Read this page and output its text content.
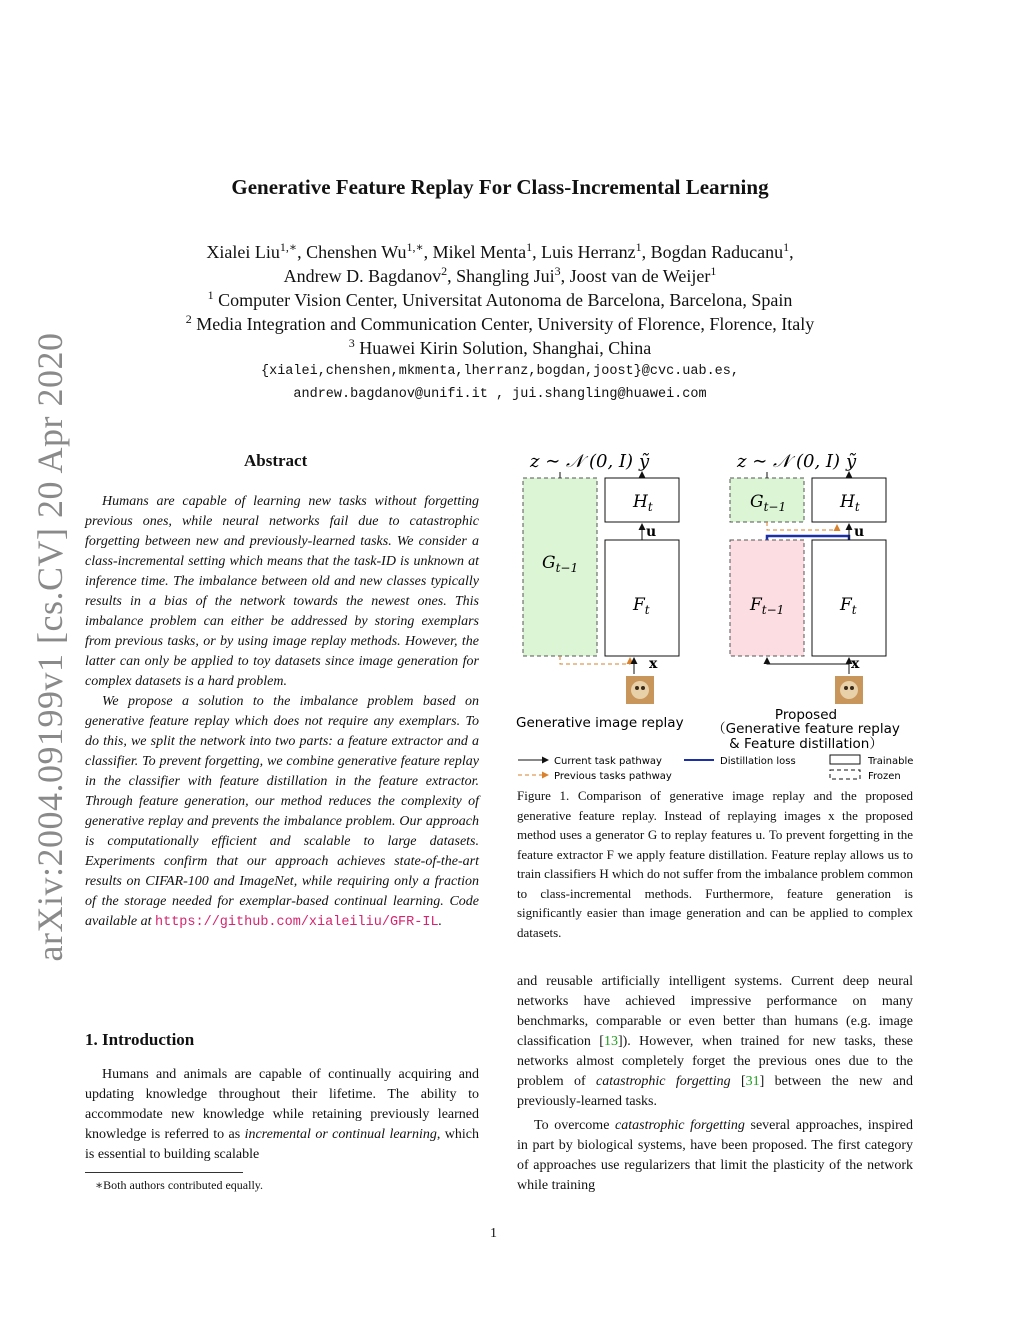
arXiv:2004.09199v1 [cs.CV] 20 Apr 2020
Generative Feature Replay For Class-Incremental Learning
Xialei Liu$^{1,∗}$, Chenshen $Wu^{1,∗}$, Mikel Menta$^1$, Luis Herranz$^1$, Bogdan Raducanu$^1$,
Andrew D. Bagdanov$^2$, Shangling Jui$^3$, Joost van de Weijer$^1$
$^1$ Computer Vision Center, Universitat Autonoma de Barcelona, Barcelona, Spain
$^2$ Media Integration and Communication Center, University of Florence, Florence, Italy
$^3$ Huawei Kirin Solution, Shanghai, China
{xialei,chenshen,mkmenta,lherranz,bogdan,joost}@cvc.uab.es,
andrew.bagdanov@unifi.it , jui.shangling@huawei.com
Abstract

Humans are capable of learning new tasks without forgetting previous ones, while neural networks fail due to catastrophic forgetting between new and previously-learned tasks. We consider a class-incremental setting which means that the task-ID is unknown at inference time. The imbalance between old and new classes typically results in a bias of the network towards the newest ones. This imbalance problem can either be addressed by storing exemplars from previous tasks, or by using image replay methods. However, the latter can only be applied to toy datasets since image generation for complex datasets is a hard problem.

We propose a solution to the imbalance problem based on generative feature replay which does not require any exemplars. To do this, we split the network into two parts: a feature extractor and a classifier. To prevent forgetting, we combine generative feature replay in the classifier with feature distillation in the feature extractor. Through feature generation, our method reduces the complexity of generative replay and prevents the imbalance problem. Our approach is computationally efficient and scalable to large datasets. Experiments confirm that our approach achieves state-of-the-art results on CIFAR-100 and ImageNet, while requiring only a fraction of the storage needed for exemplar-based continual learning. Code available at https://github.com/xialeiliu/GFR-IL.

1. Introduction

Humans and animals are capable of continually acquiring and updating knowledge throughout their lifetime. The ability to accommodate new knowledge while retaining previously learned knowledge is referred to as incremental or continual learning, which is essential to building scalable

∗Both authors contributed equally.
z ∼ 𝒩 (0, I) ỹ
$G_{t-1}$
$H_t$
u
$F_t$
x
Generative image replay
z ∼ 𝒩 (0, I) ỹ
$G_{t-1}$	$H_t$
u
$F_{t-1}$	$F_t$
x
Proposed
（Generative feature replay
& Feature distillation）
Current task pathway
Previous tasks pathway
Distillation loss	Trainable
Frozen
Figure 1. Comparison of generative image replay and the proposed generative feature replay. Instead of replaying images x the proposed method uses a generator G to replay features u. To prevent forgetting in the feature extractor F we apply feature distillation. Feature replay allows us to train classifiers H which do not suffer from the imbalance problem common to class-incremental methods. Furthermore, feature generation is significantly easier than image generation and can be applied to complex datasets.

and reusable artificially intelligent systems. Current deep neural networks have achieved impressive performance on many benchmarks, comparable or even better than humans (e.g. image classification [13]). However, when trained for new tasks, these networks almost completely forget the previous ones due to the problem of catastrophic forgetting [31] between the new and previously-learned tasks.

To overcome catastrophic forgetting several approaches, inspired in part by biological systems, have been proposed. The first category of approaches use regularizers that limit the plasticity of the network while training

1
